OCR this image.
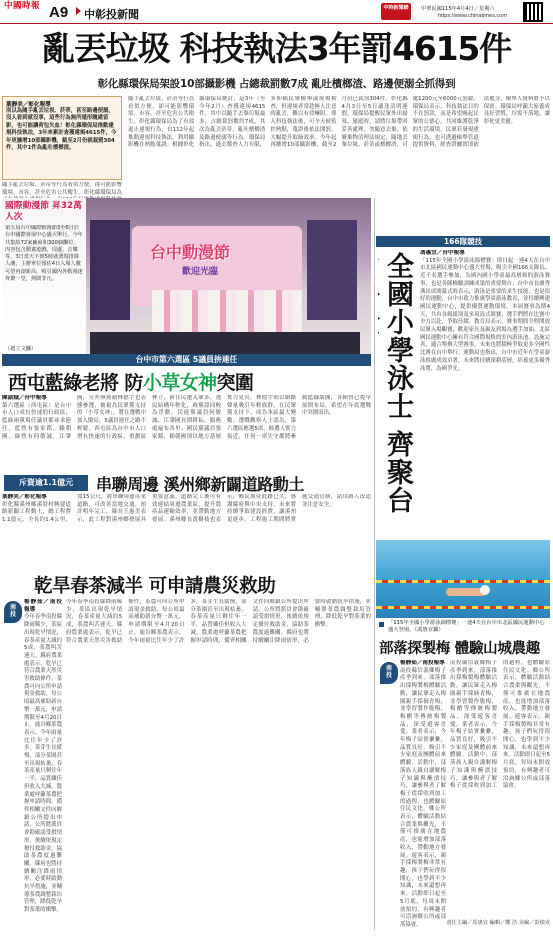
中國時報 A9 中彰投新聞	中時新聞網	中華民國115年4月4日／星期六
https://www.chinatimes.com
亂丟垃圾 科技執法3年罰4615件
彰化縣環保局架設10部攝影機 占總裁罰數7成 亂吐檳榔渣、路邊便溺全抓得到
葉靜美／彰化報導

別以為隨手亂丟垃圾、菸蒂，甚至路邊便溺，沒人看到就沒事，這些行為無所遁形隨處留影，也可能讓荷包失血！彰化縣環保局推動違規科技執法，3年來累計查獲違規4615件，今年更擴增10部攝影機，截至2月份就裁罰304件，其中1件為亂吐檳榔渣。

隨手亂丟垃圾、菸蒂等行為看似方便，卻可能影響環境、市容，甚至危害公共衛生。彰化縣環保局為
隨手亂丟垃圾、菸蒂等行為看似方便，卻可能影響環境、市容，甚至危害公共衛生。彰化縣環保局為了有效遏止違規行為，自112年起推動違規科技執法，利用攝影機在熱點蒐證。根據彰化縣環保局統計，這3年（至今年2月）查獲違規4615件，其中以隨手丟棄垃圾最多，占總裁罰數約7成，其次為亂丟菸蒂、亂吐檳榔渣及路邊便溺等行為。環保局指出，過去稽查人力有限，多仰賴民眾檢舉或現場稽查，但違規者常趁無人注意時亂丟，難以有效嚇阻。導入科技執法後，可全天候監控熱點，蒐證後依法開罰，大幅提升取締效率。今年起再擴增10部攝影機，截至2月份已裁罰304件。彰化縣4月3日至5日適逢清明連假，環保局提醒民眾外出掃墓、旅遊時，請將垃圾帶回妥善處理，勿隨意丟棄。依廢棄物清理法規定，隨地丟棄垃圾、菸蒂或檳榔渣，可處1200元至6000元罰鍰。環保局表示，科技執法目的不在罰款，而是希望喚起民眾的公德心，共同維護乾淨的生活環境。民眾若發現違規行為，也可透過檢舉管道提供資料，經查證屬實即依法處分，檢舉人資料將予以保密。環保局呼籲大家養成良好習慣，垃圾不落地，讓彰化更美麗。
台中動漫節
歡迎光臨
國際動漫節 昇32萬人次

第五屆台中國際動漫節3至6日於台中國際會展中心盛大舉行，今年共集結72家廠商和300個攤位，內容包含動畫遊戲、周邊、音樂等，3日當天不到5時就湧現排隊人潮，主辦單位預估4日入場人數可望再創新高，吸引國內外動漫迷齊聚一堂，熱鬧非凡。

（趙立文攝）
台中市第六選區 5議員拚連任
西屯藍綠老將 防小草女神突圍
陳淑娥／台中報導
第六選區（西屯區）是台中市人口成長快速的行政區，藍綠兩黨現任議員都尋求連任，藍營有張家銘、賴朝國，綠營有何敏誠、江肇國，另外無黨籍林德宇也表態參選，被視為民眾黨支持的「小草女神」，將在選戰中加入攪局，5議員連任之路不輕鬆。西屯區為台中市人口增長快速的行政區，重劃區林立，新住民遷入眾多，選民結構年輕化，政黨認同較為浮動。民進黨議員何敏誠、江肇國長期耕耘，服務處遍布各里；國民黨議員張家銘、賴朝國則以地方基層實力見長。林德宇則以網路聲量吸引年輕族群，在民眾黨支持下，成為本區最大變數。選戰觀察人士認為，第六選區應選5席，候選人實力接近，任何一席失守都將牽動藍綠版圖，各陣營已提早展開布局，希望在年底選戰中突圍而出。
斥資逾1.1億元	串聯周邊 溪州鄉新闢道路動土
葉靜美／彰化報導
彰化縣溪州鄉溪厝村興建道路新闢工程動土，總工程費1.1億元，全長約1.4公里、寬15公尺，將串聯周邊產業道路，可改善當地交通，預計明年完工。縣長王惠美表示，此工程對溪州鄉發展具重要意義，道路完工後可有效連結周邊農業區，提升農產品運輸效率，並帶動地方發展。溪州鄉長黃樹枝也表示，鄉民期待此路已久，感謝縣府與中央支持，未來將持續爭取建設經費，讓溪州更進步。工程施工期間將實施交通管制，請用路人改道並注意安全。
乾旱春茶減半 可申請農災救助
南投
楊靜茹／南投報導
今年春季南投縣降雨稀少，茶區出現乾旱情況，春茶產量大減約5成，茶農叫苦連天。縣府農業處表示，乾旱已符合農業天然災害救助條件，茶農可向公所申請現金救助，每公頃最高補助新台幣一萬元，申請期限至4月20日止。鹿谷鄉茶農表示，今年雨量比往年少了許多，茶芽生長緩慢，部分茶園甚至出現枯萎，春茶產量只剩往年一半，品質雖佳但收入大減。農業處呼籲茶農把握申請時間，備齊相關文件向鄉鎮公所提出申請，公所將派員會勘確認受損情形，後續依規定撥付救助金，協助茶農度過難關。縣府也將持續關注降雨情形，必要時啟動抗旱措施，並輔導茶農調整栽培管理，降低乾旱對茶業的衝擊。
今年春季南投縣降雨稀少，茶區出現乾旱情況，春茶產量大減約5成，茶農叫苦連天。縣府農業處表示，乾旱已符合農業天然災害救助條件，茶農可向公所申請現金救助，每公頃最高補助新台幣一萬元，申請期限至4月20日止。鹿谷鄉茶農表示，今年雨量比往年少了許多，茶芽生長緩慢，部分茶園甚至出現枯萎，春茶產量只剩往年一半，品質雖佳但收入大減。農業處呼籲茶農把握申請時間，備齊相關文件向鄉鎮公所提出申請，公所將派員會勘確認受損情形，後續依規定撥付救助金，協助茶農度過難關。縣府也將持續關注降雨情形，必要時啟動抗旱措施，並輔導茶農調整栽培管理，降低乾旱對茶業的衝擊。
166隊競技
全國小學泳士 齊聚台
馮惠宜／台中報導
「115年全國小學游泳錦標賽」即日起一連4天在台中市北區國民運動中心盛大登場，吸引全國166支隊伍、近千名選手參加，為國內國小學童最高層級的游泳賽事，也是各隊檢驗訓練成果的重要舞台。台中市長盧秀燕出席開幕式時表示，游泳是重要的求生技能，也是很好的運動，台中市致力推廣學童游泳教育，並持續興建國民運動中心，提供優質運動環境。本屆賽事為期4天，共有各級組別及多項泳式競賽，選手們將在比賽中全力以赴，爭取佳績。教育局表示，賽事期間全程開放民眾入場觀賽，歡迎家長及親友到場為選手加油。北區國民運動中心擁有符合國際規格的室內游泳池，設施完善，適合舉辦大型賽事，未來也將積極爭取更多全國性比賽在台中舉行。運動局也指出，台中市近年在學童游泳推廣成效卓著，未來將持續深耕基層，培養更多優秀泳將，為國爭光。
「115年全國小學游泳錦標賽」一連4天在台中市北區國民運動中心盛大登場。（馮惠宜攝）
部落探製梅 體驗山城農趣
南投
楊靜茹／南投報導
南投縣信義鄉梅子產季到來，部落推出採梅製梅體驗活動，讓民眾走入梅園親手採摘青梅，並學習製作脆梅、梅醋等傳統梅製品，深受遊客喜愛。業者表示，今年梅子結實纍纍，品質良好，吸引不少家庭及團體前來體驗。活動中，部落族人親自講解梅子知識與醃漬技巧，讓參與者了解梅子從採收到加工的過程，也體驗原住民文化。鄉公所表示，體驗活動結合農業與觀光，不僅可推廣在地農產，也能增加部落收入，帶動地方發展。遊客表示，親手採梅製梅非常有趣，孩子們玩得很開心，也學到不少知識，未來還想再來。活動即日起至5月底，每周末開放預約，有興趣者可洽詢鄉公所或部落協會。
南投縣信義鄉梅子產季到來，部落推出採梅製梅體驗活動，讓民眾走入梅園親手採摘青梅，並學習製作脆梅、梅醋等傳統梅製品，深受遊客喜愛。業者表示，今年梅子結實纍纍，品質良好，吸引不少家庭及團體前來體驗。活動中，部落族人親自講解梅子知識與醃漬技巧，讓參與者了解梅子從採收到加工的過程，也體驗原住民文化。鄉公所表示，體驗活動結合農業與觀光，不僅可推廣在地農產，也能增加部落收入，帶動地方發展。遊客表示，親手採梅製梅非常有趣，孩子們玩得很開心，也學到不少知識，未來還想再來。活動即日起至5月底，每周末開放預約，有興趣者可洽詢鄉公所或部落協會。
責任主編／馬惠宜 編輯／鄭 浩 美編／彭楨戎
